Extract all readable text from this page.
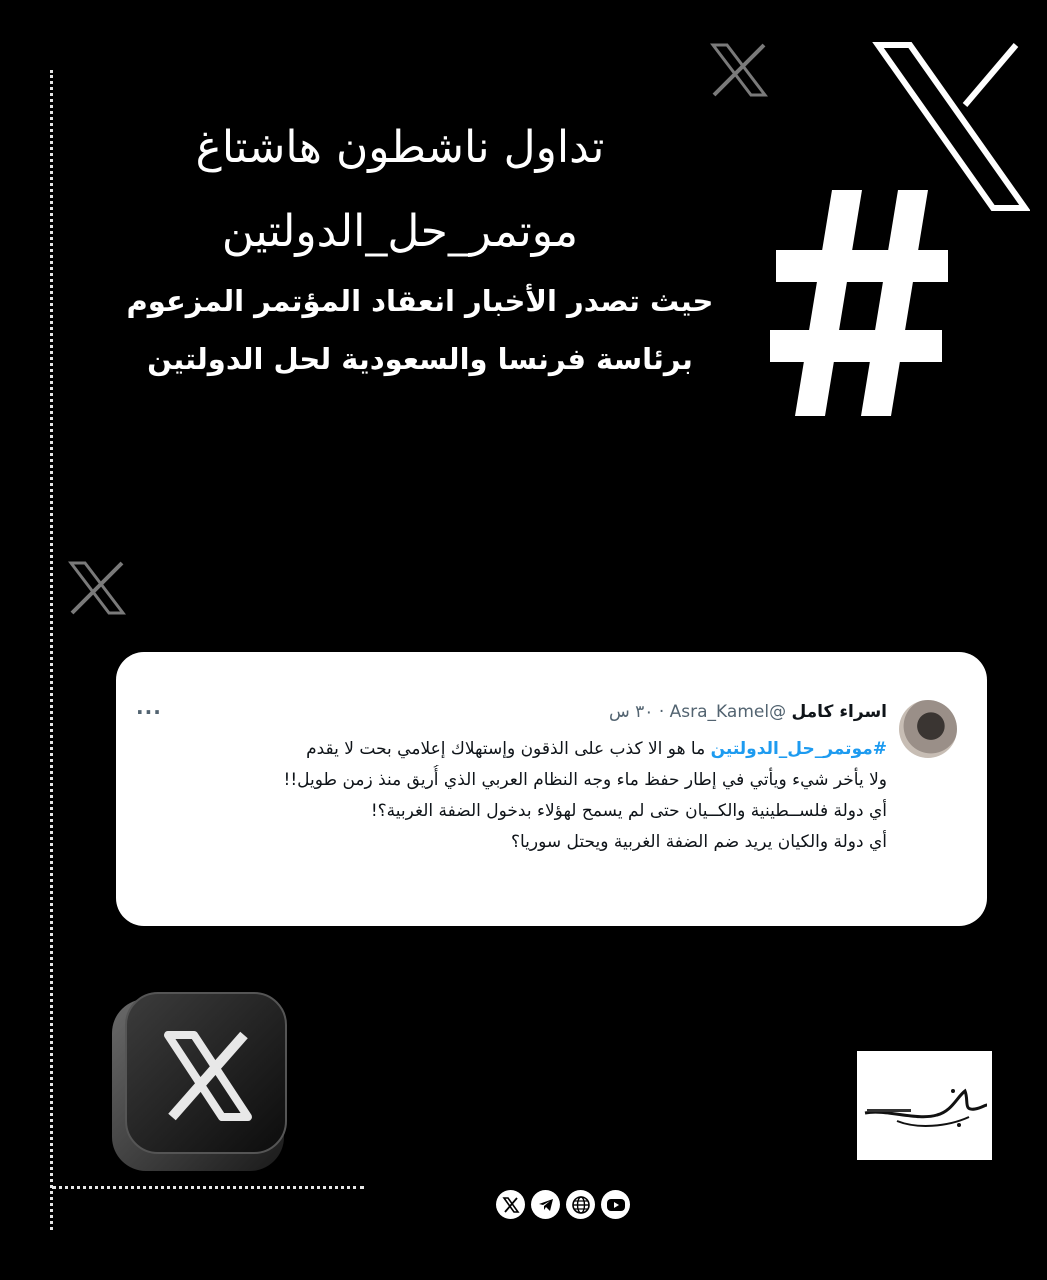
تداول ناشطون هاشتاغ
موتمر_حل_الدولتين
حيث تصدر الأخبار انعقاد المؤتمر المزعوم
برئاسة فرنسا والسعودية لحل الدولتين
اسراء كامل @Asra_Kamel · ٣٠ س
···
#موتمر_حل_الدولتين ما هو الا كذب على الذقون وإستهلاك إعلامي بحت لا يقدم
ولا يأخر شيء ويأتي في إطار حفظ ماء وجه النظام العربي الذي أُريق منذ زمن طويل!!
أي دولة فلســطينية والكــيان حتى لم يسمح لهؤلاء بدخول الضفة الغربية؟!
أي دولة والكيان يريد ضم الضفة الغربية ويحتل سوريا؟
